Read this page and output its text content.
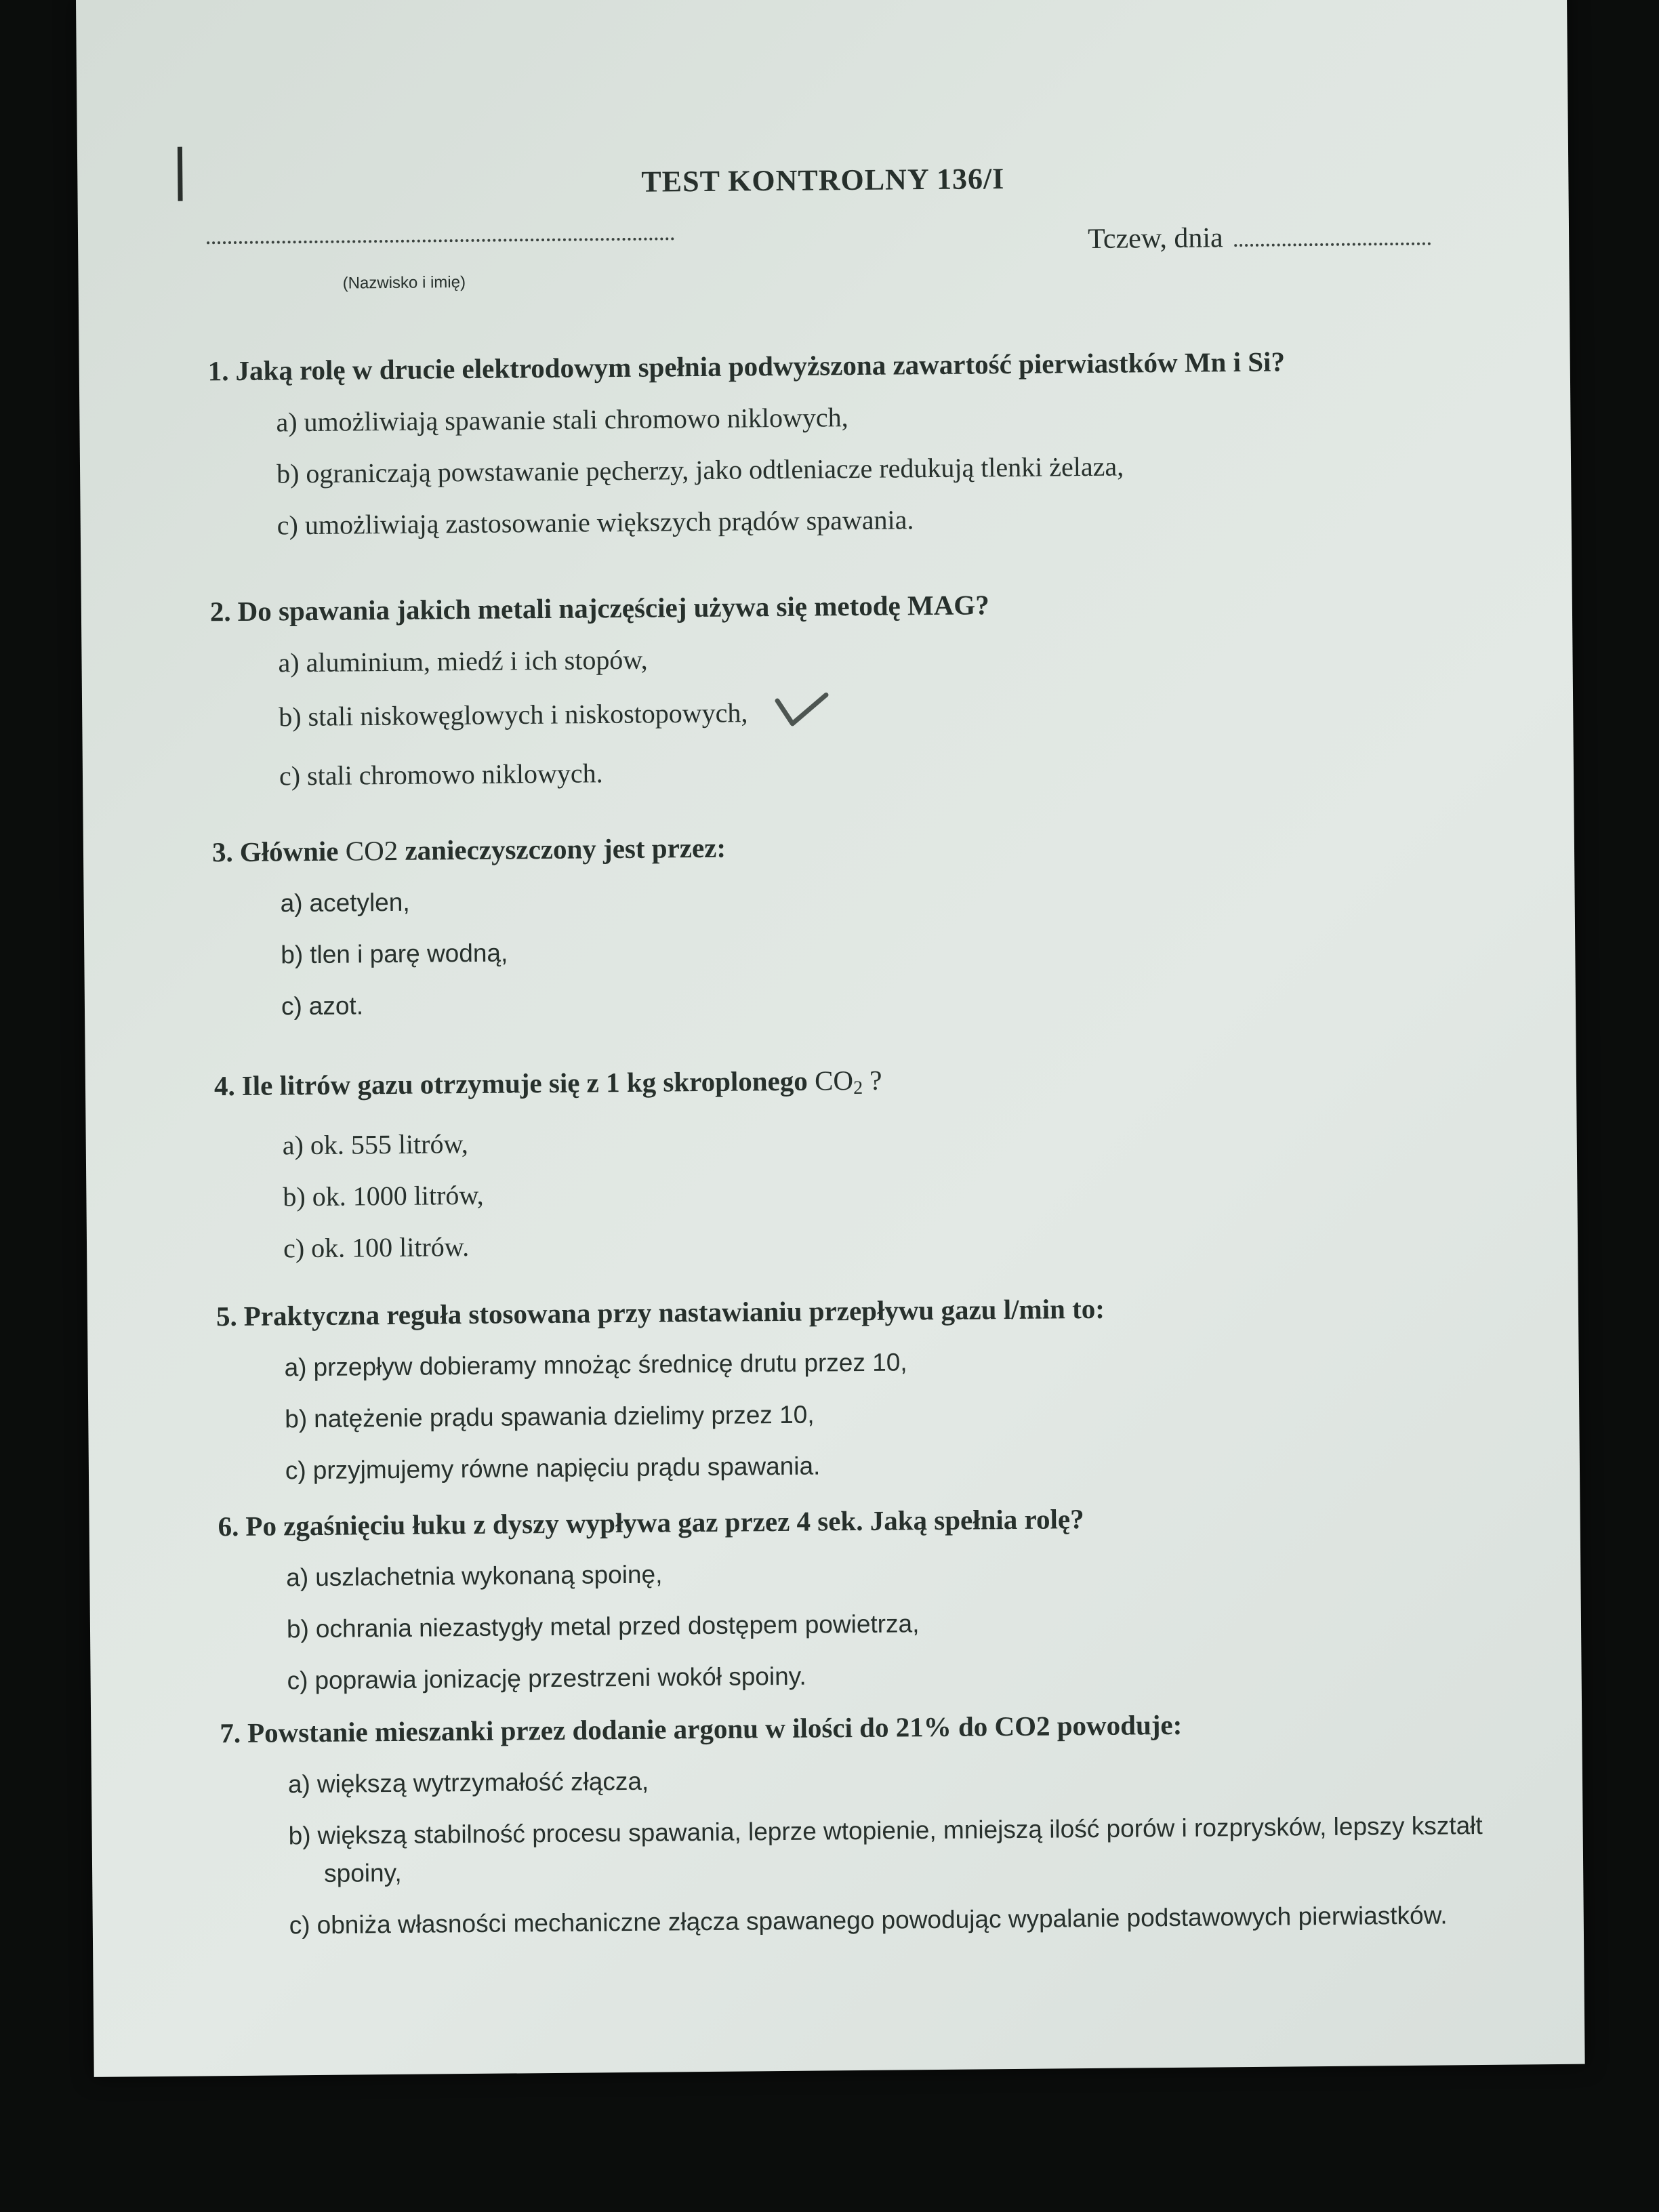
TEST KONTROLNY 136/I
(Nazwisko i imię)
Tczew, dnia

1. Jaką rolę w drucie elektrodowym spełnia podwyższona zawartość pierwiastków Mn i Si?

a) umożliwiają spawanie stali chromowo niklowych,
b) ograniczają powstawanie pęcherzy, jako odtleniacze redukują tlenki żelaza,
c) umożliwiają zastosowanie większych prądów spawania.

2. Do spawania jakich metali najczęściej używa się metodę MAG?

a) aluminium, miedź i ich stopów,
b) stali niskowęglowych i niskostopowych,
c) stali chromowo niklowych.

3. Głównie CO2 zanieczyszczony jest przez:

a) acetylen,
b) tlen i parę wodną,
c) azot.

4. Ile litrów gazu otrzymuje się z 1 kg skroplonego $CO_2$ ?

a) ok. 555 litrów,
b) ok. 1000 litrów,
c) ok. 100 litrów.

5. Praktyczna reguła stosowana przy nastawianiu przepływu gazu l/min to:

a) przepływ dobieramy mnożąc średnicę drutu przez 10,
b) natężenie prądu spawania dzielimy przez 10,
c) przyjmujemy równe napięciu prądu spawania.

6. Po zgaśnięciu łuku z dyszy wypływa gaz przez 4 sek. Jaką spełnia rolę?

a) uszlachetnia wykonaną spoinę,
b) ochrania niezastygły metal przed dostępem powietrza,
c) poprawia jonizację przestrzeni wokół spoiny.

7. Powstanie mieszanki przez dodanie argonu w ilości do 21% do CO2 powoduje:

a) większą wytrzymałość złącza,
b) większą stabilność procesu spawania, leprze wtopienie, mniejszą ilość porów i rozprysków, lepszy kształt spoiny,
c) obniża własności mechaniczne złącza spawanego powodując wypalanie podstawowych pierwiastków.
